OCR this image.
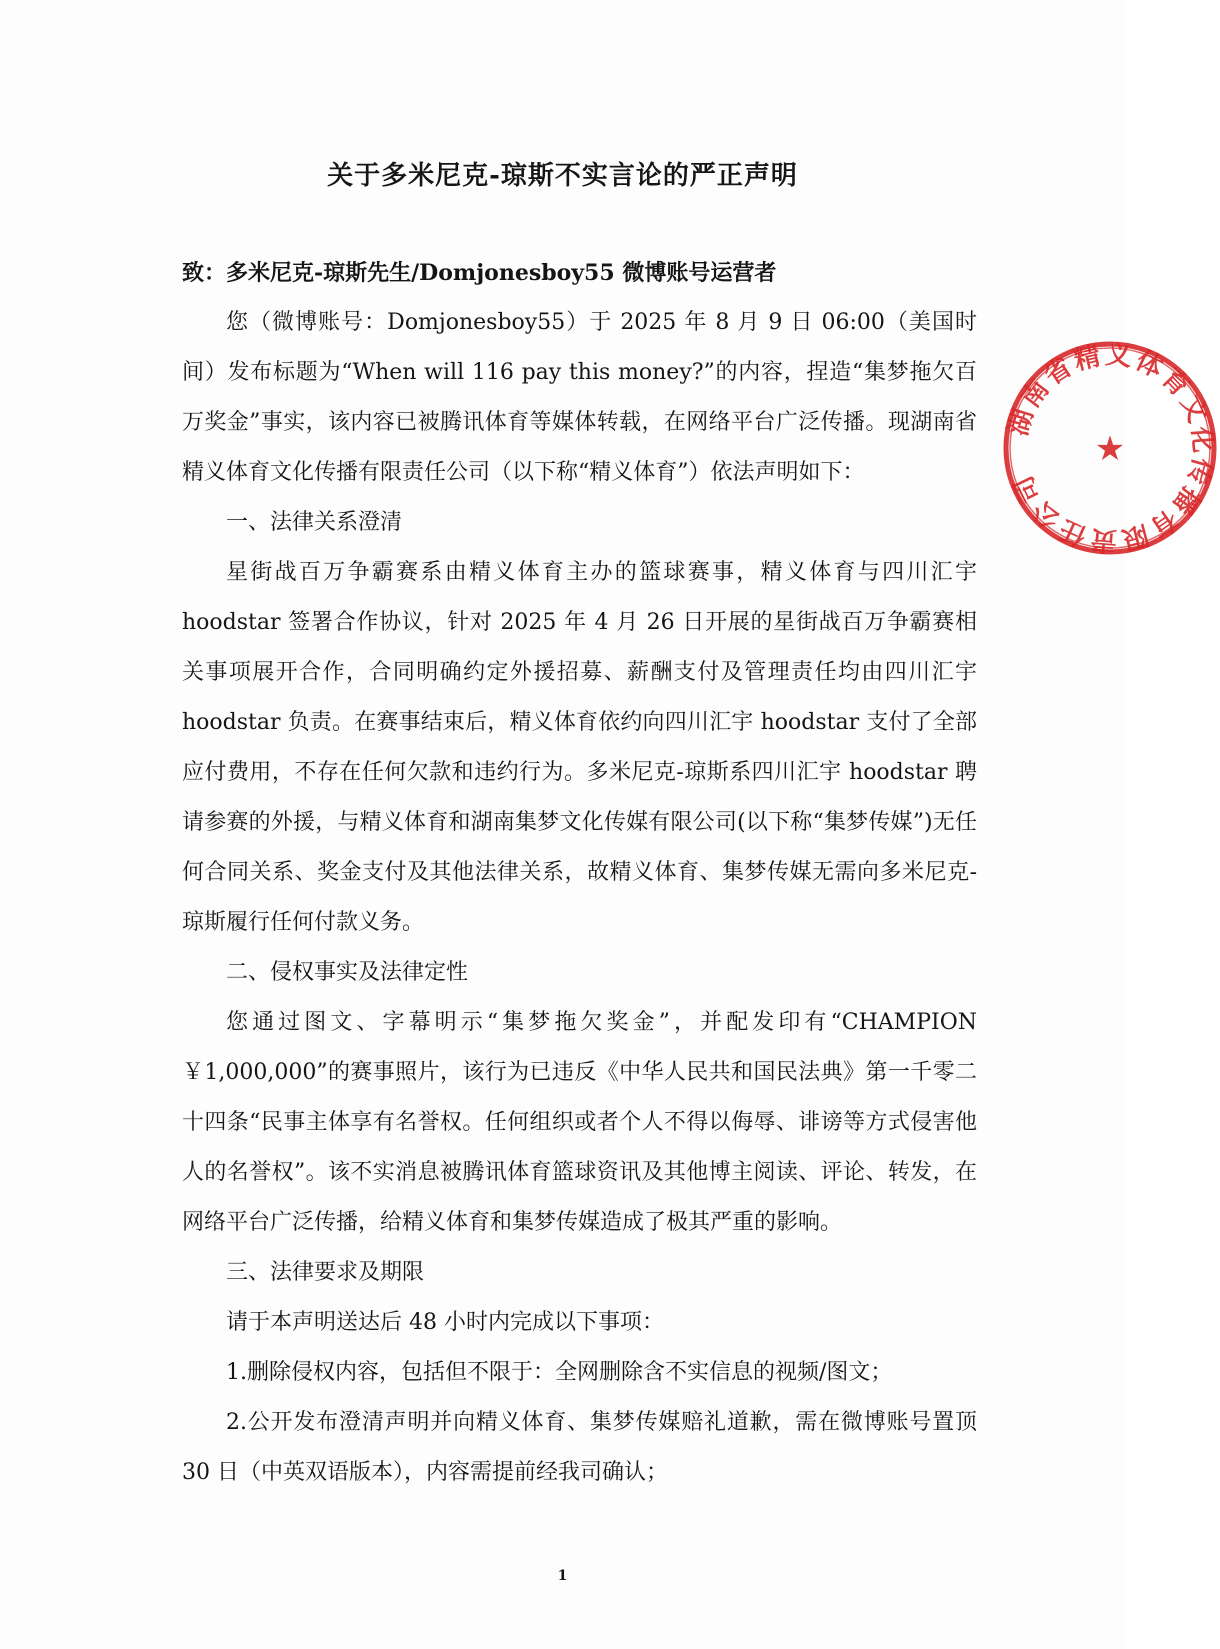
关于多米尼克-琼斯不实言论的严正声明

致：多米尼克-琼斯先生/Domjonesboy55 微博账号运营者

您（微博账号：Domjonesboy55）于 2025 年 8 月 9 日 06:00（美国时间）发布标题为“When will 116 pay this money?”的内容，捏造“集梦拖欠百万奖金”事实，该内容已被腾讯体育等媒体转载，在网络平台广泛传播。现湖南省精义体育文化传播有限责任公司（以下称“精义体育”）依法声明如下：

一、法律关系澄清

星街战百万争霸赛系由精义体育主办的篮球赛事，精义体育与四川汇宇 hoodstar 签署合作协议，针对 2025 年 4 月 26 日开展的星街战百万争霸赛相关事项展开合作，合同明确约定外援招募、薪酬支付及管理责任均由四川汇宇 hoodstar 负责。在赛事结束后，精义体育依约向四川汇宇 hoodstar 支付了全部应付费用，不存在任何欠款和违约行为。多米尼克-琼斯系四川汇宇 hoodstar 聘请参赛的外援，与精义体育和湖南集梦文化传媒有限公司(以下称“集梦传媒”)无任何合同关系、奖金支付及其他法律关系，故精义体育、集梦传媒无需向多米尼克-琼斯履行任何付款义务。

二、侵权事实及法律定性

您通过图文、字幕明示“集梦拖欠奖金”，并配发印有“CHAMPION ￥1,000,000”的赛事照片，该行为已违反《中华人民共和国民法典》第一千零二十四条“民事主体享有名誉权。任何组织或者个人不得以侮辱、诽谤等方式侵害他人的名誉权”。该不实消息被腾讯体育篮球资讯及其他博主阅读、评论、转发，在网络平台广泛传播，给精义体育和集梦传媒造成了极其严重的影响。

三、法律要求及期限

请于本声明送达后 48 小时内完成以下事项：

1.删除侵权内容，包括但不限于：全网删除含不实信息的视频/图文；

2.公开发布澄清声明并向精义体育、集梦传媒赔礼道歉，需在微博账号置顶 30 日（中英双语版本），内容需提前经我司确认；

湖南省精义体育文化传播有限责任公司
★
1
